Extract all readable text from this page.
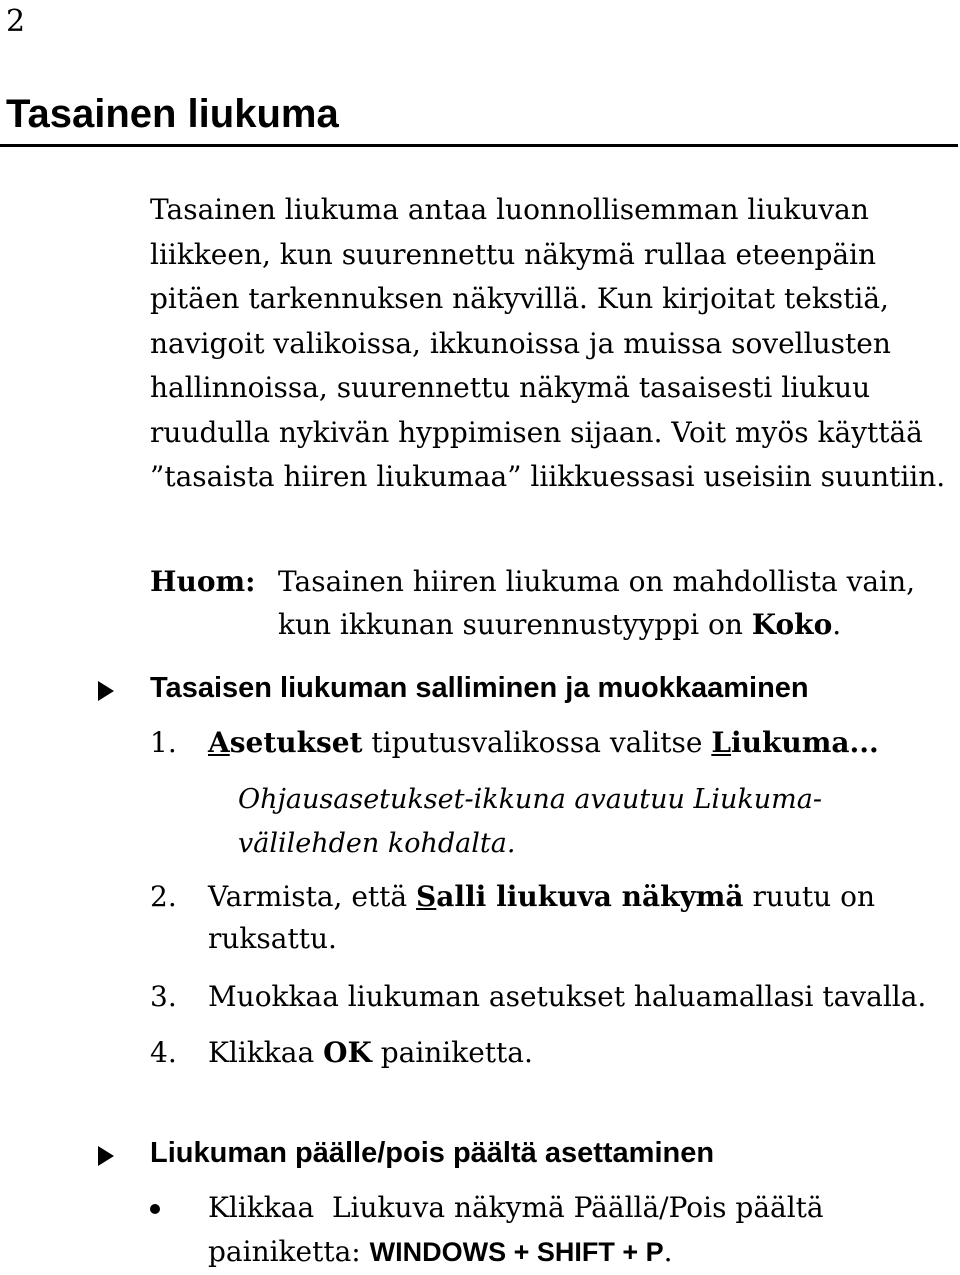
2
Tasainen liukuma

Tasainen liukuma antaa luonnollisemman liukuvan liikkeen, kun suurennettu näkymä rullaa eteenpäin pitäen tarkennuksen näkyvillä. Kun kirjoitat tekstiä, navigoit valikoissa, ikkunoissa ja muissa sovellusten hallinnoissa, suurennettu näkymä tasaisesti liukuu ruudulla nykivän hyppimisen sijaan. Voit myös käyttää ”tasaista hiiren liukumaa” liikkuessasi useisiin suuntiin.

Huom: Tasainen hiiren liukuma on mahdollista vain, kun ikkunan suurennustyyppi on Koko.
Tasaisen liukuman salliminen ja muokkaaminen
1. Asetukset tiputusvalikossa valitse Liukuma...
Ohjausasetukset-ikkuna avautuu Liukuma-välilehden kohdalta.
2. Varmista, että Salli liukuva näkymä ruutu on ruksattu.
3. Muokkaa liukuman asetukset haluamallasi tavalla.
4. Klikkaa OK painiketta.
Liukuman päälle/pois päältä asettaminen
Klikkaa  Liukuva näkymä Päällä/Pois päältä painiketta: WINDOWS + SHIFT + P.
